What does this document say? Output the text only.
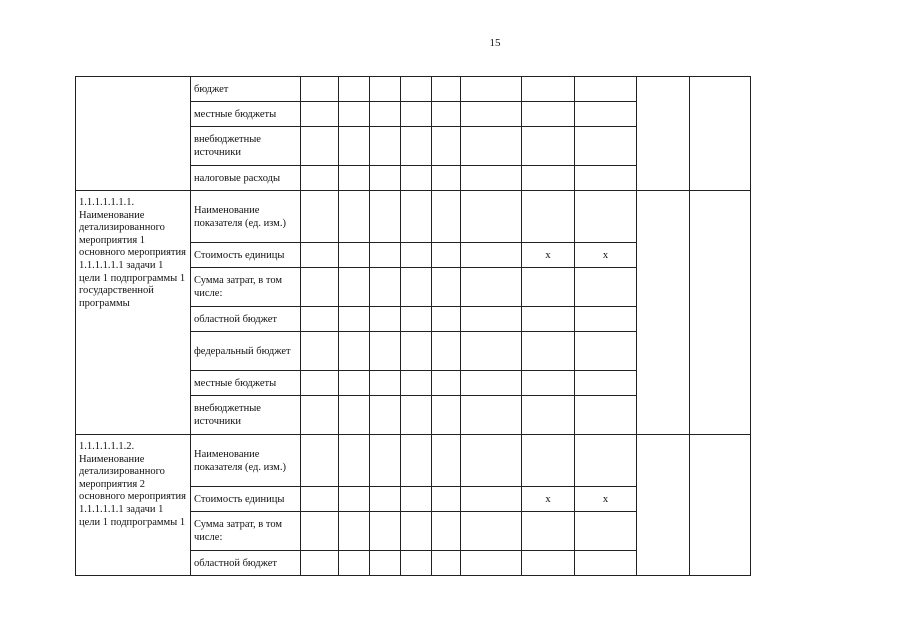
15
	бюджет										
	местные бюджеты										
	внебюджетные источники										
	налоговые расходы										
1.1.1.1.1.1.1. Наименование детализированного мероприятия 1 основного мероприятия 1.1.1.1.1.1 задачи 1 цели 1 подпрограммы 1 государственной программы	Наименование показателя (ед. изм.)										
	Стоимость единицы							x	x		
	Сумма затрат, в том числе:										
	областной бюджет										
	федеральный бюджет										
	местные бюджеты										
	внебюджетные источники										
1.1.1.1.1.1.2. Наименование детализированного мероприятия 2 основного мероприятия 1.1.1.1.1.1 задачи 1 цели 1 подпрограммы 1	Наименование показателя (ед. изм.)										
	Стоимость единицы							x	x		
	Сумма затрат, в том числе:										
	областной бюджет										
